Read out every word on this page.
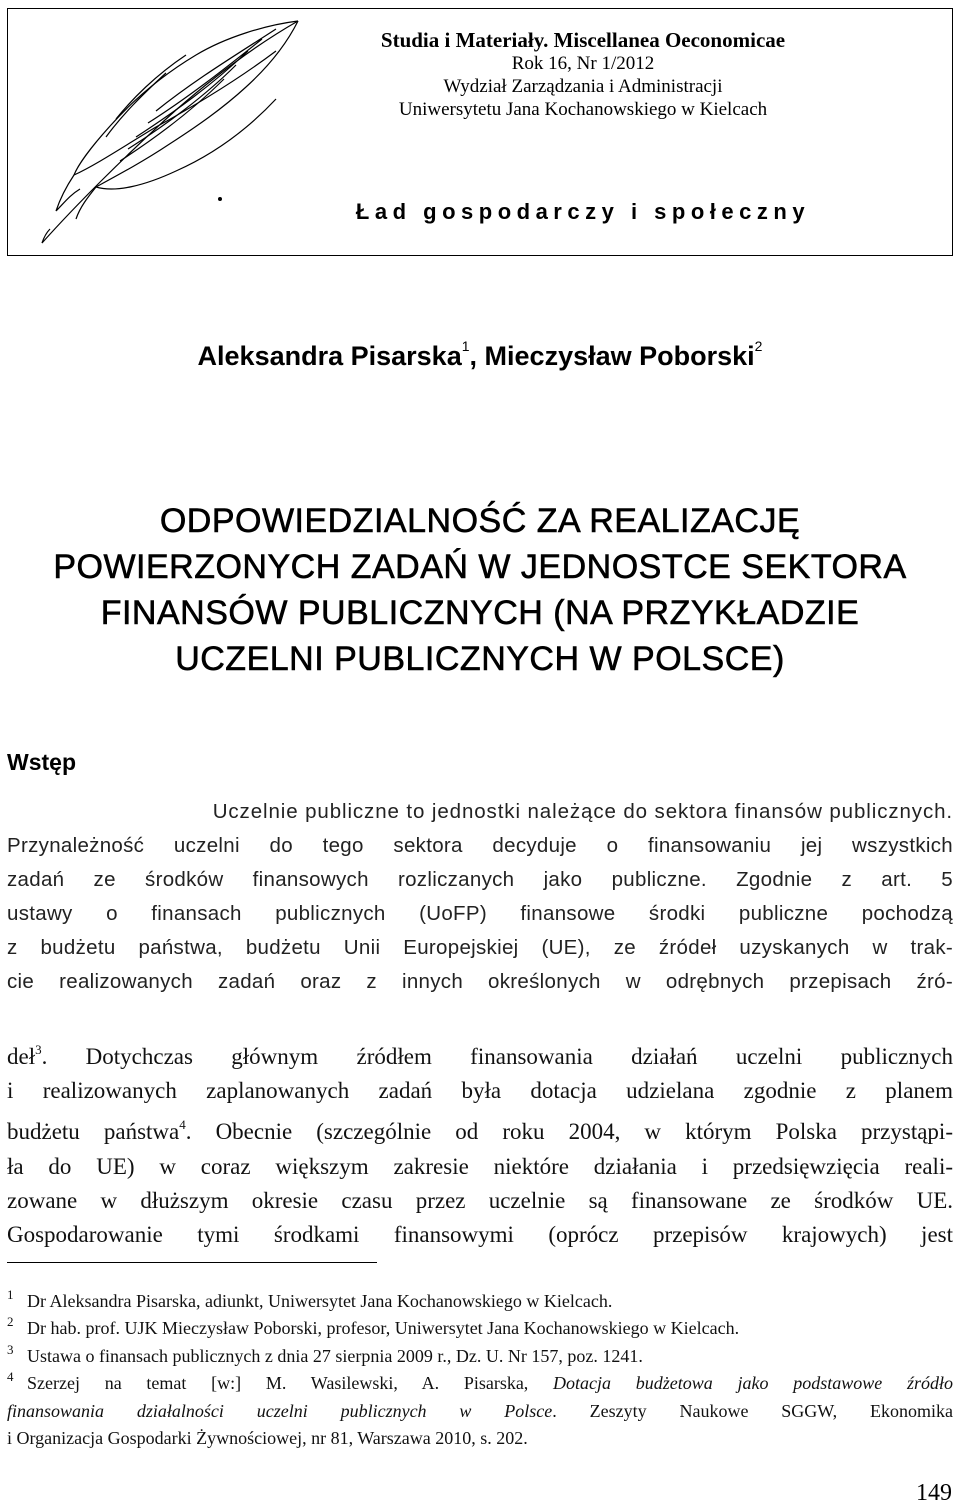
Studia i Materiały. Miscellanea Oeconomicae
Rok 16, Nr 1/2012
Wydział Zarządzania i Administracji
Uniwersytetu Jana Kochanowskiego w Kielcach
Ład gospodarczy i społeczny
Aleksandra Pisarska$^1$, Mieczysław Poborski$^2$
ODPOWIEDZIALNOŚĆ ZA REALIZACJĘ
POWIERZONYCH ZADAŃ W JEDNOSTCE SEKTORA
FINANSÓW PUBLICZNYCH (NA PRZYKŁADZIE
UCZELNI PUBLICZNYCH W POLSCE)
Wstęp
Uczelnie publiczne to jednostki należące do sektora finansów publicznych.
Przynależność uczelni do tego sektora decyduje o finansowaniu jej wszystkich
zadań ze środków finansowych rozliczanych jako publiczne. Zgodnie z art. 5
ustawy o finansach publicznych (UoFP) finansowe środki publiczne pochodzą
z budżetu państwa, budżetu Unii Europejskiej (UE), ze źródeł uzyskanych w trak-
cie realizowanych zadań oraz z innych określonych w odrębnych przepisach źró-
deł$^3$. Dotychczas głównym źródłem finansowania działań uczelni publicznych
i realizowanych zaplanowanych zadań była dotacja udzielana zgodnie z planem
budżetu państwa$^4$. Obecnie (szczególnie od roku 2004, w którym Polska przystąpi-
ła do UE) w coraz większym zakresie niektóre działania i przedsięwzięcia reali-
zowane w dłuższym okresie czasu przez uczelnie są finansowane ze środków UE.
Gospodarowanie tymi środkami finansowymi (oprócz przepisów krajowych) jest
1 Dr Aleksandra Pisarska, adiunkt, Uniwersytet Jana Kochanowskiego w Kielcach.
2 Dr hab. prof. UJK Mieczysław Poborski, profesor, Uniwersytet Jana Kochanowskiego w Kielcach.
3 Ustawa o finansach publicznych z dnia 27 sierpnia 2009 r., Dz. U. Nr 157, poz. 1241.
4 Szerzej na temat [w:] M. Wasilewski, A. Pisarska, Dotacja budżetowa jako podstawowe źródło
finansowania działalności uczelni publicznych w Polsce. Zeszyty Naukowe SGGW, Ekonomika
i Organizacja Gospodarki Żywnościowej, nr 81, Warszawa 2010, s. 202.
149
